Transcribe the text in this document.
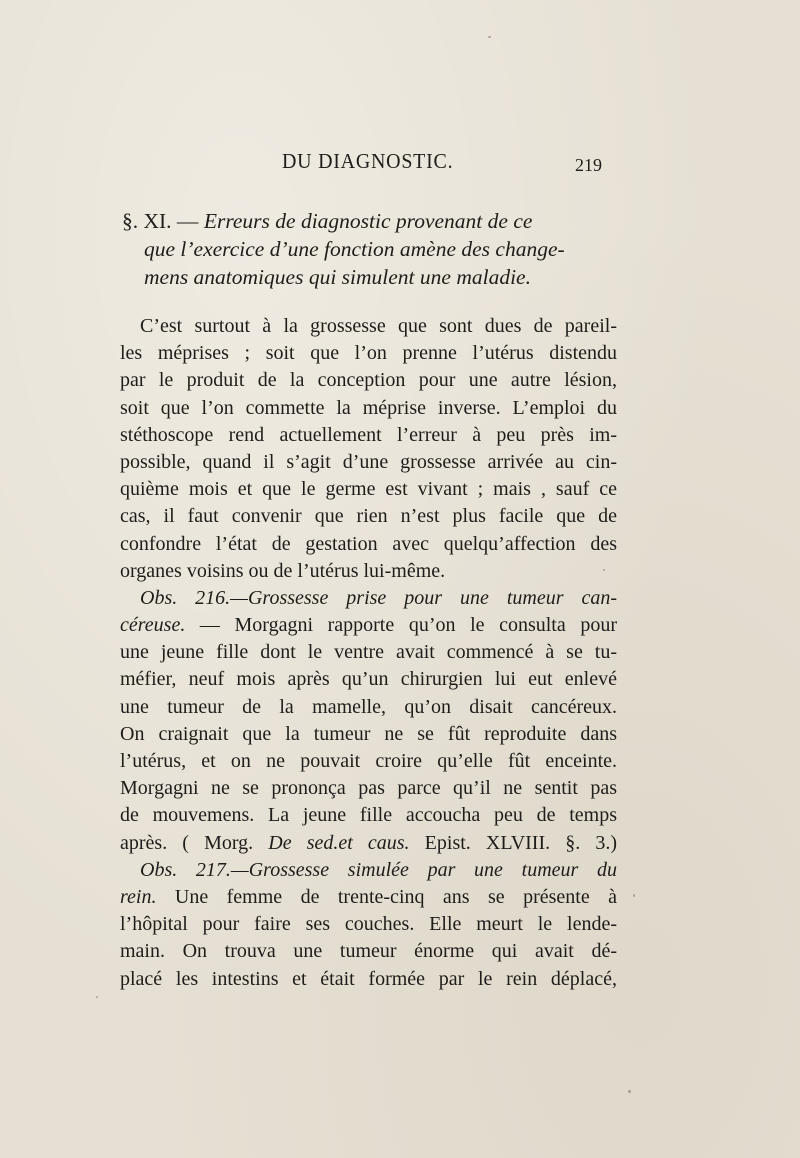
DU DIAGNOSTIC.	219
§. XI. — Erreurs de diagnostic provenant de ce
que l’exercice d’une fonction amène des change-
mens anatomiques qui simulent une maladie.
C’est surtout à la grossesse que sont dues de pareil-
les méprises ; soit que l’on prenne l’utérus distendu
par le produit de la conception pour une autre lésion,
soit que l’on commette la méprise inverse. L’emploi du
stéthoscope rend actuellement l’erreur à peu près im-
possible, quand il s’agit d’une grossesse arrivée au cin-
quième mois et que le germe est vivant ; mais , sauf ce
cas, il faut convenir que rien n’est plus facile que de
confondre l’état de gestation avec quelqu’affection des
organes voisins ou de l’utérus lui-même.
Obs. 216.—Grossesse prise pour une tumeur can-
céreuse. — Morgagni rapporte qu’on le consulta pour
une jeune fille dont le ventre avait commencé à se tu-
méfier, neuf mois après qu’un chirurgien lui eut enlevé
une tumeur de la mamelle, qu’on disait cancéreux.
On craignait que la tumeur ne se fût reproduite dans
l’utérus, et on ne pouvait croire qu’elle fût enceinte.
Morgagni ne se prononça pas parce qu’il ne sentit pas
de mouvemens. La jeune fille accoucha peu de temps
après. ( Morg. De sed.et caus. Epist. XLVIII. §. 3.)
Obs. 217.—Grossesse simulée par une tumeur du
rein. Une femme de trente-cinq ans se présente à
l’hôpital pour faire ses couches. Elle meurt le lende-
main. On trouva une tumeur énorme qui avait dé-
placé les intestins et était formée par le rein déplacé,
